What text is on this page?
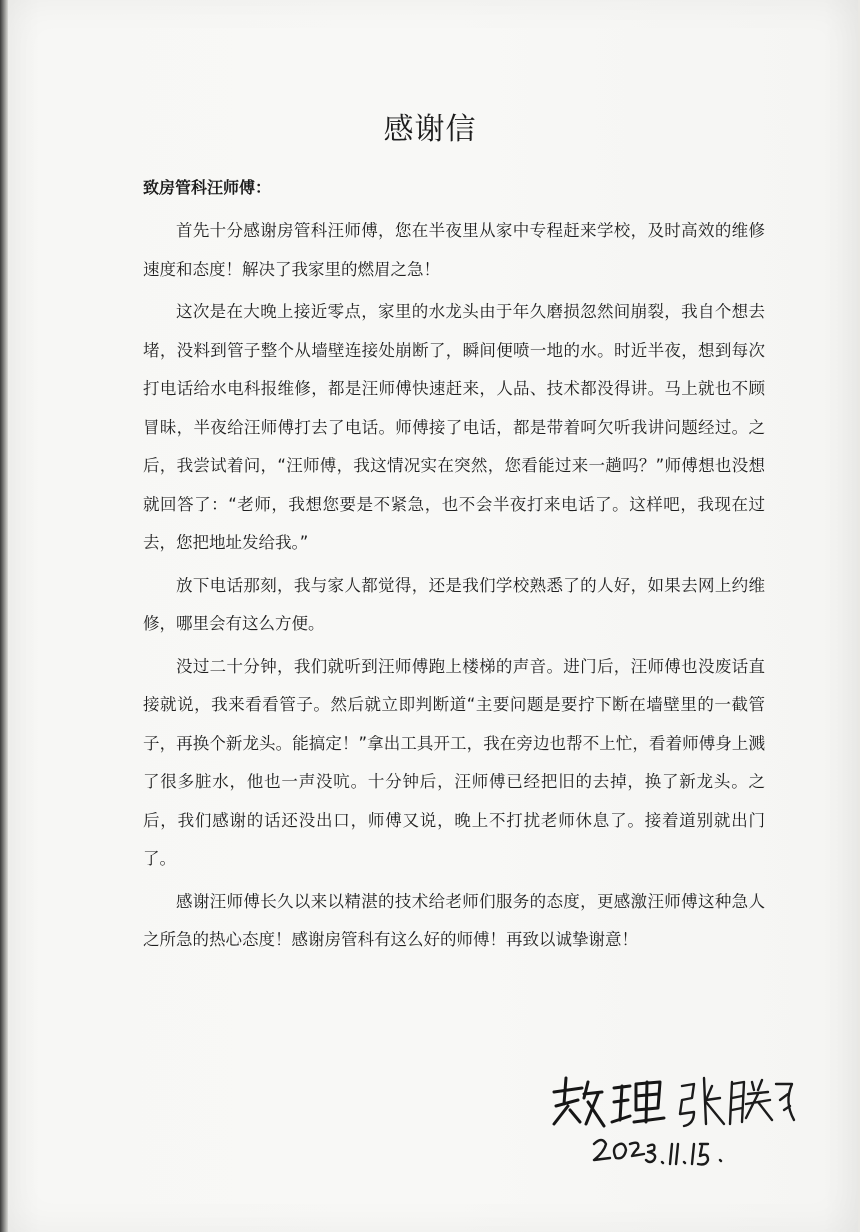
感谢信
致房管科汪师傅：

首先十分感谢房管科汪师傅，您在半夜里从家中专程赶来学校，及时高效的维修速度和态度！解决了我家里的燃眉之急！

这次是在大晚上接近零点，家里的水龙头由于年久磨损忽然间崩裂，我自个想去堵，没料到管子整个从墙壁连接处崩断了，瞬间便喷一地的水。时近半夜，想到每次打电话给水电科报维修，都是汪师傅快速赶来，人品、技术都没得讲。马上就也不顾冒昧，半夜给汪师傅打去了电话。师傅接了电话，都是带着呵欠听我讲问题经过。之后，我尝试着问，“汪师傅，我这情况实在突然，您看能过来一趟吗？”师傅想也没想就回答了：“老师，我想您要是不紧急，也不会半夜打来电话了。这样吧，我现在过去，您把地址发给我。”

放下电话那刻，我与家人都觉得，还是我们学校熟悉了的人好，如果去网上约维修，哪里会有这么方便。

没过二十分钟，我们就听到汪师傅跑上楼梯的声音。进门后，汪师傅也没废话直接就说，我来看看管子。然后就立即判断道“主要问题是要拧下断在墙壁里的一截管子，再换个新龙头。能搞定！”拿出工具开工，我在旁边也帮不上忙，看着师傅身上溅了很多脏水，他也一声没吭。十分钟后，汪师傅已经把旧的去掉，换了新龙头。之后，我们感谢的话还没出口，师傅又说，晚上不打扰老师休息了。接着道别就出门了。

感谢汪师傅长久以来以精湛的技术给老师们服务的态度，更感激汪师傅这种急人之所急的热心态度！感谢房管科有这么好的师傅！再致以诚挚谢意！
